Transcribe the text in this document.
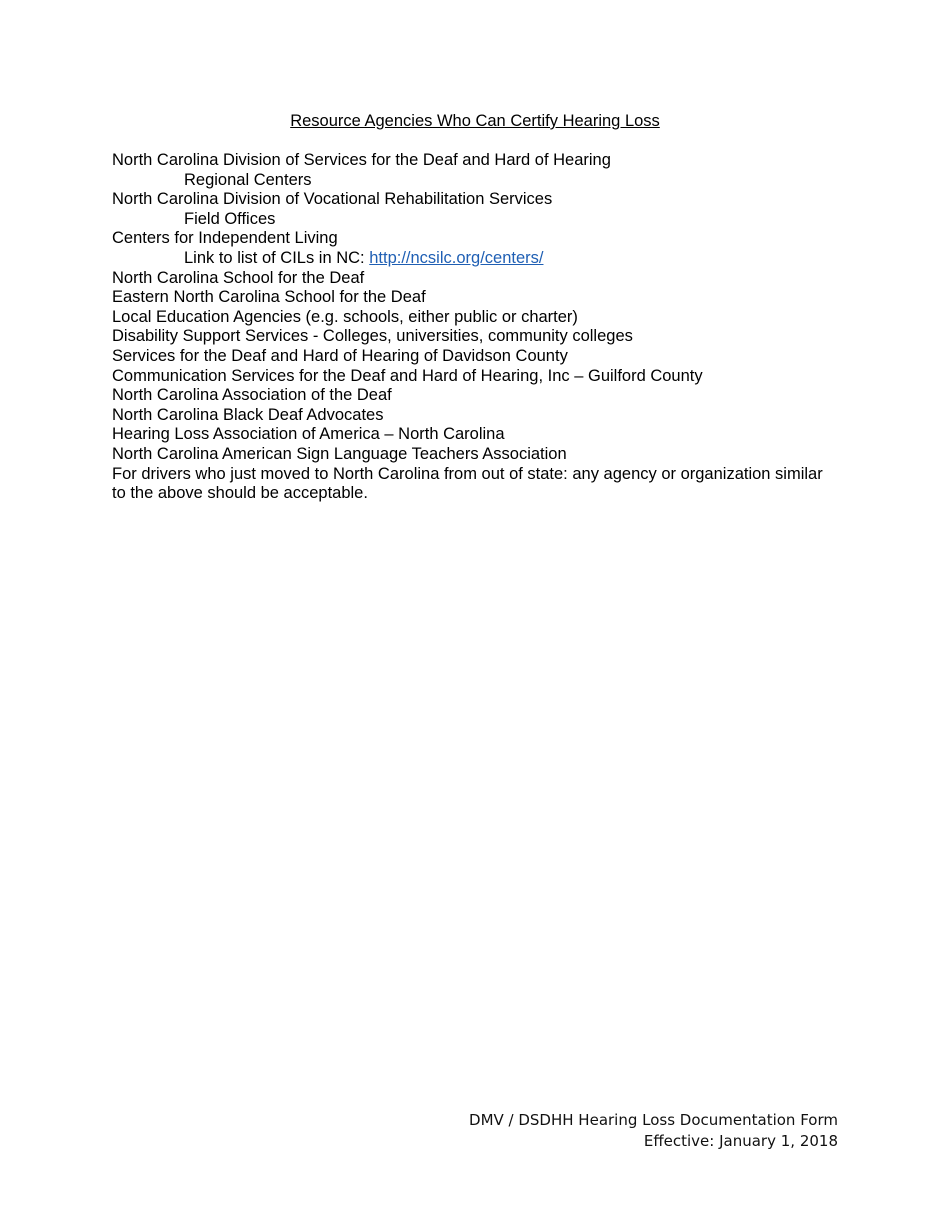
Resource Agencies Who Can Certify Hearing Loss
North Carolina Division of Services for the Deaf and Hard of Hearing
Regional Centers
North Carolina Division of Vocational Rehabilitation Services
Field Offices
Centers for Independent Living
Link to list of CILs in NC: http://ncsilc.org/centers/
North Carolina School for the Deaf
Eastern North Carolina School for the Deaf
Local Education Agencies (e.g. schools, either public or charter)
Disability Support Services - Colleges, universities, community colleges
Services for the Deaf and Hard of Hearing of Davidson County
Communication Services for the Deaf and Hard of Hearing, Inc – Guilford County
North Carolina Association of the Deaf
North Carolina Black Deaf Advocates
Hearing Loss Association of America – North Carolina
North Carolina American Sign Language Teachers Association
For drivers who just moved to North Carolina from out of state: any agency or organization similar to the above should be acceptable.
DMV / DSDHH Hearing Loss Documentation Form
Effective: January 1, 2018
